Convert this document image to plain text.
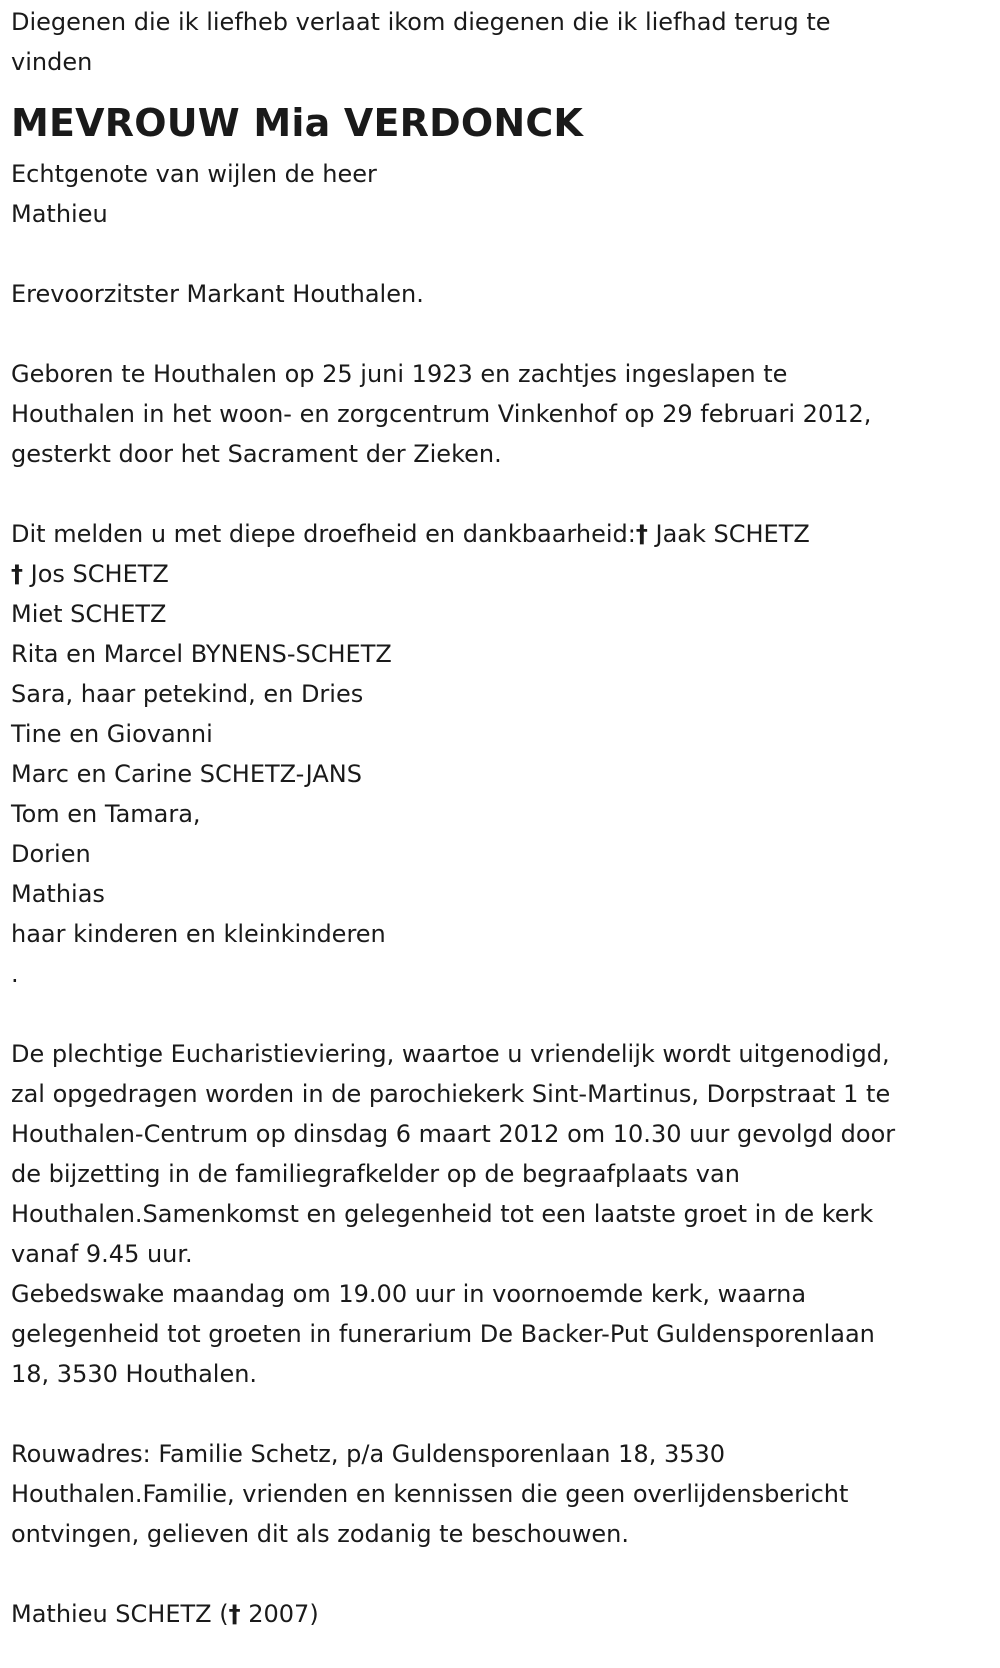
Diegenen die ik liefheb verlaat ikom diegenen die ik liefhad terug te
vinden
MEVROUW Mia VERDONCK
Echtgenote van wijlen de heer
Mathieu
Erevoorzitster Markant Houthalen.
Geboren te Houthalen op 25 juni 1923 en zachtjes ingeslapen te
Houthalen in het woon- en zorgcentrum Vinkenhof op 29 februari 2012,
gesterkt door het Sacrament der Zieken.
Dit melden u met diepe droefheid en dankbaarheid:† Jaak SCHETZ
† Jos SCHETZ
Miet SCHETZ
Rita en Marcel BYNENS-SCHETZ
Sara, haar petekind, en Dries
Tine en Giovanni
Marc en Carine SCHETZ-JANS
Tom en Tamara,
Dorien
Mathias
haar kinderen en kleinkinderen
.
De plechtige Eucharistieviering, waartoe u vriendelijk wordt uitgenodigd,
zal opgedragen worden in de parochiekerk Sint-Martinus, Dorpstraat 1 te
Houthalen-Centrum op dinsdag 6 maart 2012 om 10.30 uur gevolgd door
de bijzetting in de familiegrafkelder op de begraafplaats van
Houthalen.Samenkomst en gelegenheid tot een laatste groet in de kerk
vanaf 9.45 uur.
Gebedswake maandag om 19.00 uur in voornoemde kerk, waarna
gelegenheid tot groeten in funerarium De Backer-Put Guldensporenlaan
18, 3530 Houthalen.
Rouwadres: Familie Schetz, p/a Guldensporenlaan 18, 3530
Houthalen.Familie, vrienden en kennissen die geen overlijdensbericht
ontvingen, gelieven dit als zodanig te beschouwen.
Mathieu SCHETZ († 2007)
